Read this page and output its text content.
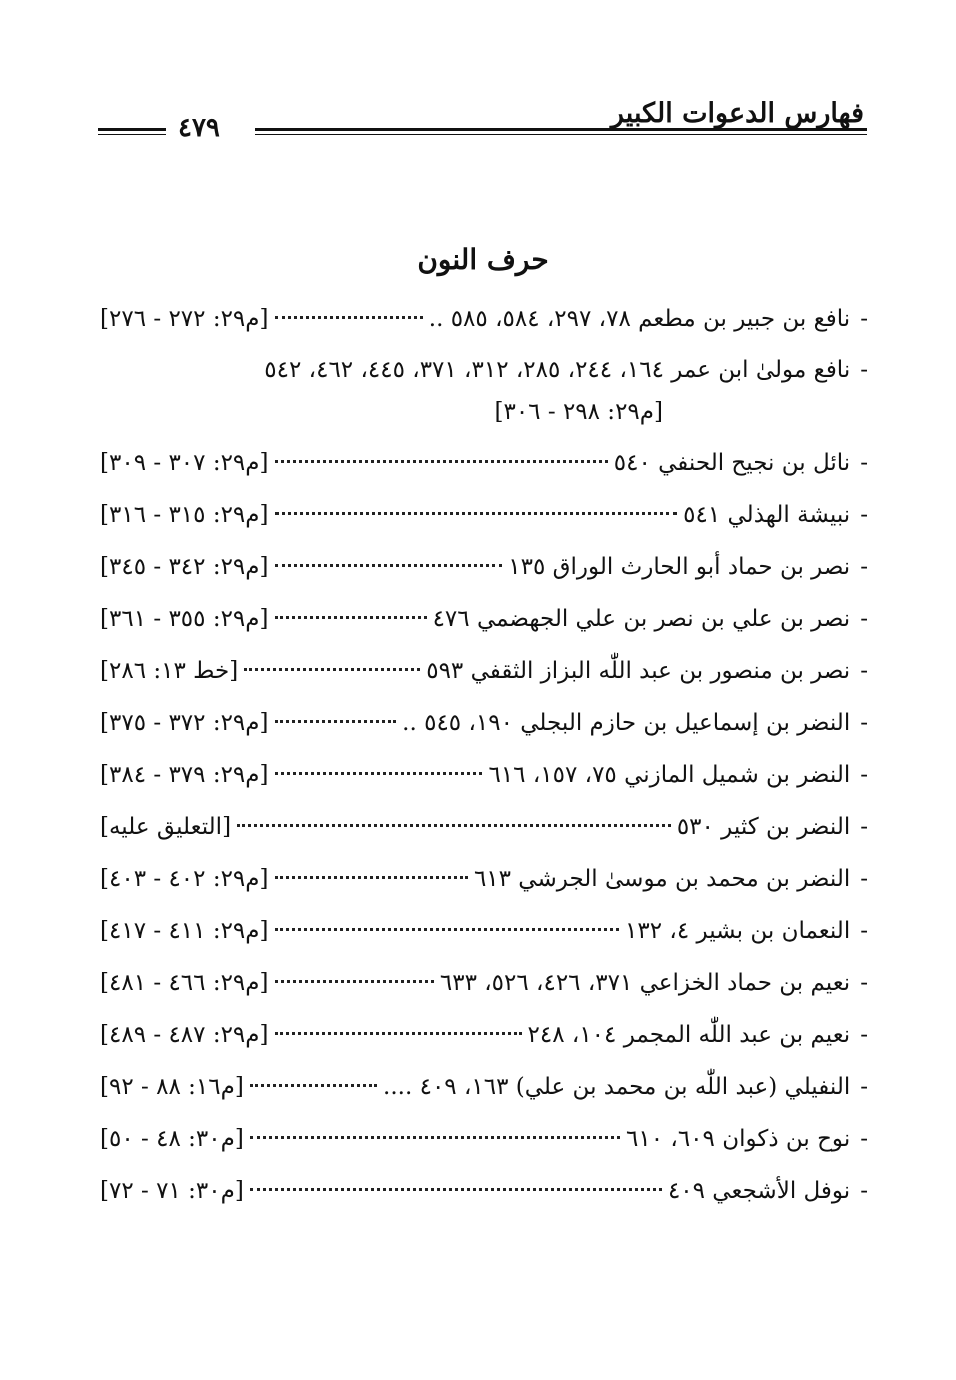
فهارس الدعوات الكبير
٤٧٩
حرف النون
-
نافع بن جبير بن مطعم ٧٨، ٢٩٧، ٥٨٤، ٥٨٥ ..
[م٢٩: ٢٧٢ - ٢٧٦]
-
نافع مولىٰ ابن عمر ١٦٤، ٢٤٤، ٢٨٥، ٣١٢، ٣٧١، ٤٤٥، ٤٦٢، ٥٤٢
[م٢٩: ٢٩٨ - ٣٠٦]
-
نائل بن نجيح الحنفي ٥٤٠
[م٢٩: ٣٠٧ - ٣٠٩]
-
نبيشة الهذلي ٥٤١
[م٢٩: ٣١٥ - ٣١٦]
-
نصر بن حماد أبو الحارث الوراق ١٣٥
[م٢٩: ٣٤٢ - ٣٤٥]
-
نصر بن علي بن نصر بن علي الجهضمي ٤٧٦
[م٢٩: ٣٥٥ - ٣٦١]
-
نصر بن منصور بن عبد اللّٰه البزاز الثقفي ٥٩٣
[خط ١٣: ٢٨٦]
-
النضر بن إسماعيل بن حازم البجلي ١٩٠، ٥٤٥ ..
[م٢٩: ٣٧٢ - ٣٧٥]
-
النضر بن شميل المازني ٧٥، ١٥٧، ٦١٦
[م٢٩: ٣٧٩ - ٣٨٤]
-
النضر بن كثير ٥٣٠
[التعليق عليه]
-
النضر بن محمد بن موسىٰ الجرشي ٦١٣
[م٢٩: ٤٠٢ - ٤٠٣]
-
النعمان بن بشير ٤، ١٣٢
[م٢٩: ٤١١ - ٤١٧]
-
نعيم بن حماد الخزاعي ٣٧١، ٤٢٦، ٥٢٦، ٦٣٣
[م٢٩: ٤٦٦ - ٤٨١]
-
نعيم بن عبد اللّٰه المجمر ١٠٤، ٢٤٨
[م٢٩: ٤٨٧ - ٤٨٩]
-
النفيلي (عبد اللّٰه بن محمد بن علي) ١٦٣، ٤٠٩ ....
[م١٦: ٨٨ - ٩٢]
-
نوح بن ذكوان ٦٠٩، ٦١٠
[م٣٠: ٤٨ - ٥٠]
-
نوفل الأشجعي ٤٠٩
[م٣٠: ٧١ - ٧٢]
